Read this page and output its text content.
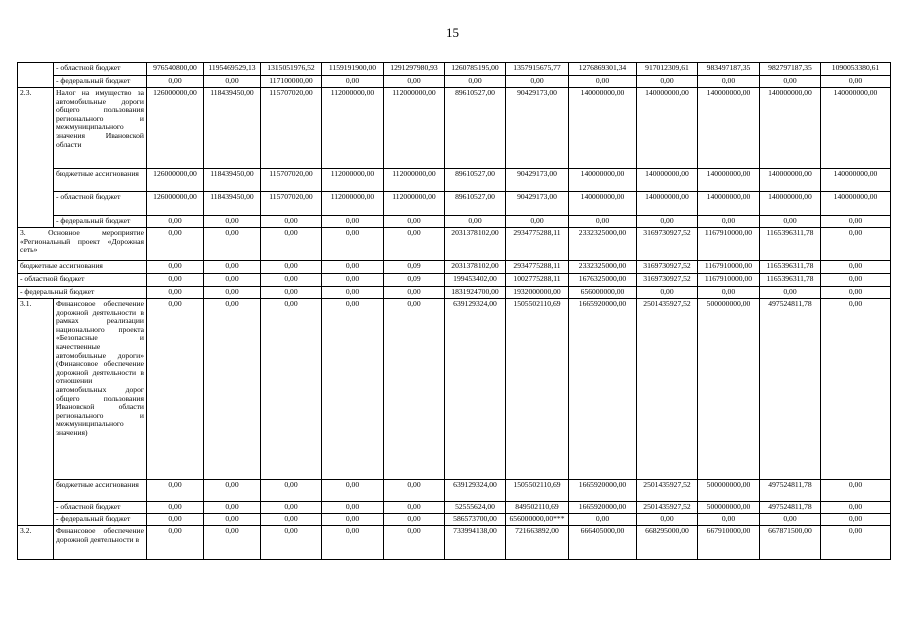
15
	- областной бюджет	976540800,00	1195469529,13	1315051976,52	1159191900,00	1291297980,93	1260785195,00	1357915675,77	1276869301,34	917012309,61	983497187,35	982797187,35	1090053380,61
	- федеральный бюджет	0,00	0,00	117100000,00	0,00	0,00	0,00	0,00	0,00	0,00	0,00	0,00	0,00
2.3.	Налог на имущество за автомобильные дороги общего пользования регионального и межмуниципального значения Ивановской области	126000000,00	118439450,00	115707020,00	112000000,00	112000000,00	89610527,00	90429173,00	140000000,00	140000000,00	140000000,00	140000000,00	140000000,00
	бюджетные ассигнования	126000000,00	118439450,00	115707020,00	112000000,00	112000000,00	89610527,00	90429173,00	140000000,00	140000000,00	140000000,00	140000000,00	140000000,00
	- областной бюджет	126000000,00	118439450,00	115707020,00	112000000,00	112000000,00	89610527,00	90429173,00	140000000,00	140000000,00	140000000,00	140000000,00	140000000,00
	- федеральный бюджет	0,00	0,00	0,00	0,00	0,00	0,00	0,00	0,00	0,00	0,00	0,00	0,00
3. Основное мероприятие «Региональный проект «Дорожная сеть»		0,00	0,00	0,00	0,00	0,00	2031378102,00	2934775288,11	2332325000,00	3169730927,52	1167910000,00	1165396311,78	0,00
бюджетные ассигнования		0,00	0,00	0,00	0,00	0,09	2031378102,00	2934775288,11	2332325000,00	3169730927,52	1167910000,00	1165396311,78	0,00
- областной бюджет		0,00	0,00	0,00	0,00	0,09	199453402,00	1002775288,11	1676325000,00	3169730927,52	1167910000,00	1165396311,78	0,00
- федеральный бюджет		0,00	0,00	0,00	0,00	0,00	1831924700,00	1932000000,00	656000000,00	0,00	0,00	0,00	0,00
3.1.	Финансовое обеспечение дорожной деятельности в рамках реализации национального проекта «Безопасные и качественные автомобильные дороги» (Финансовое обеспечение дорожной деятельности в отношении автомобильных дорог общего пользования Ивановской области регионального и межмуниципального значения)	0,00	0,00	0,00	0,00	0,00	639129324,00	1505502110,69	1665920000,00	2501435927,52	500000000,00	497524811,78	0,00
	бюджетные ассигнования	0,00	0,00	0,00	0,00	0,00	639129324,00	1505502110,69	1665920000,00	2501435927,52	500000000,00	497524811,78	0,00
	- областной бюджет	0,00	0,00	0,00	0,00	0,00	52555624,00	849502110,69	1665920000,00	2501435927,52	500000000,00	497524811,78	0,00
	- федеральный бюджет	0,00	0,00	0,00	0,00	0,00	586573700,00	656000000,00***	0,00	0,00	0,00	0,00	0,00
3.2.	Финансовое обеспечение дорожной деятельности в	0,00	0,00	0,00	0,00	0,00	733994138,00	721663892,00	666405000,00	668295000,00	667910000,00	667871500,00	0,00
